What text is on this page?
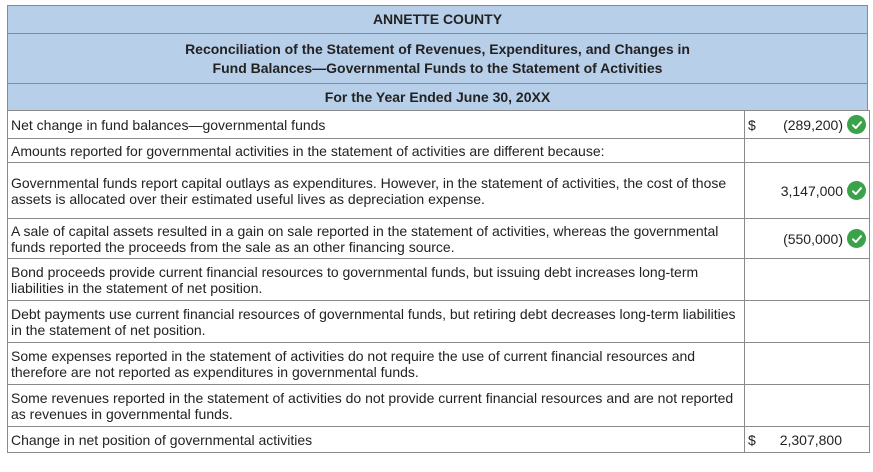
ANNETTE COUNTY
Reconciliation of the Statement of Revenues, Expenditures, and Changes in
Fund Balances—Governmental Funds to the Statement of Activities
For the Year Ended June 30, 20XX
Net change in fund balances—governmental funds	$ (289,200)

Amounts reported for governmental activities in the statement of activities are different because:	
Governmental funds report capital outlays as expenditures. However, in the statement of activities, the cost of those assets is allocated over their estimated useful lives as depreciation expense.	3,147,000

A sale of capital assets resulted in a gain on sale reported in the statement of activities, whereas the governmental funds reported the proceeds from the sale as an other financing source.	(550,000)

Bond proceeds provide current financial resources to governmental funds, but issuing debt increases long-term liabilities in the statement of net position.	
Debt payments use current financial resources of governmental funds, but retiring debt decreases long-term liabilities in the statement of net position.	
Some expenses reported in the statement of activities do not require the use of current financial resources and therefore are not reported as expenditures in governmental funds.	
Some revenues reported in the statement of activities do not provide current financial resources and are not reported as revenues in governmental funds.	
Change in net position of governmental activities	$ 2,307,800
